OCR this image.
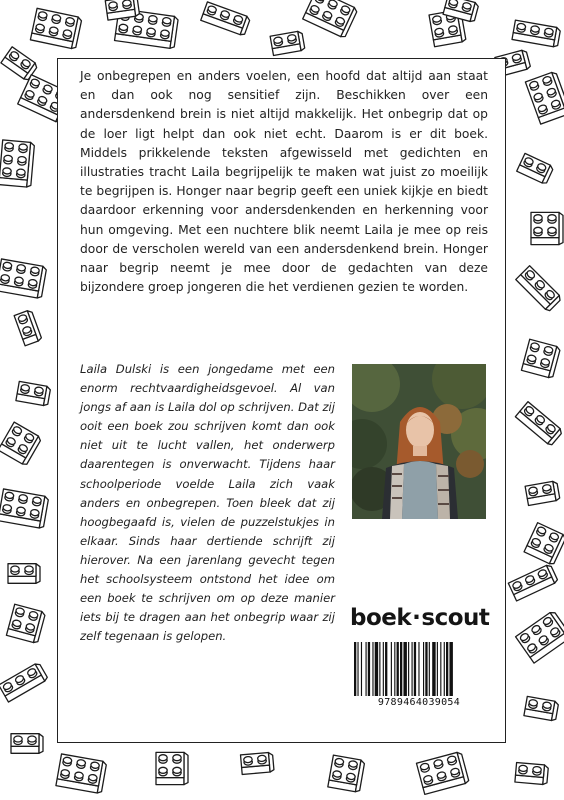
Je onbegrepen en anders voelen, een hoofd dat altijd aan staat en dan ook nog sensitief zijn. Beschikken over een andersdenkend brein is niet altijd makkelijk. Het onbegrip dat op de loer ligt helpt dan ook niet echt. Daarom is er dit boek. Middels prikkelende teksten afgewisseld met gedichten en illustraties tracht Laila begrijpelijk te maken wat juist zo moeilijk te begrijpen is. Honger naar begrip geeft een uniek kijkje en biedt daardoor erkenning voor andersdenkenden en herkenning voor hun omgeving. Met een nuchtere blik neemt Laila je mee op reis door de verscholen wereld van een andersdenkend brein. Honger naar begrip neemt je mee door de gedachten van deze bijzondere groep jongeren die het verdienen gezien te worden.

Laila Dulski is een jongedame met een enorm rechtvaardigheidsgevoel. Al van jongs af aan is Laila dol op schrijven. Dat zij ooit een boek zou schrijven komt dan ook niet uit te lucht vallen, het onderwerp daarentegen is onverwacht. Tijdens haar schoolperiode voelde Laila zich vaak anders en onbegrepen. Toen bleek dat zij hoogbegaafd is, vielen de puzzelstukjes in elkaar. Sinds haar dertiende schrijft zij hierover. Na een jarenlang gevecht tegen het schoolsysteem ontstond het idee om een boek te schrijven om op deze manier iets bij te dragen aan het onbegrip waar zij zelf tegenaan is gelopen.

boek·scout
9789464039054
